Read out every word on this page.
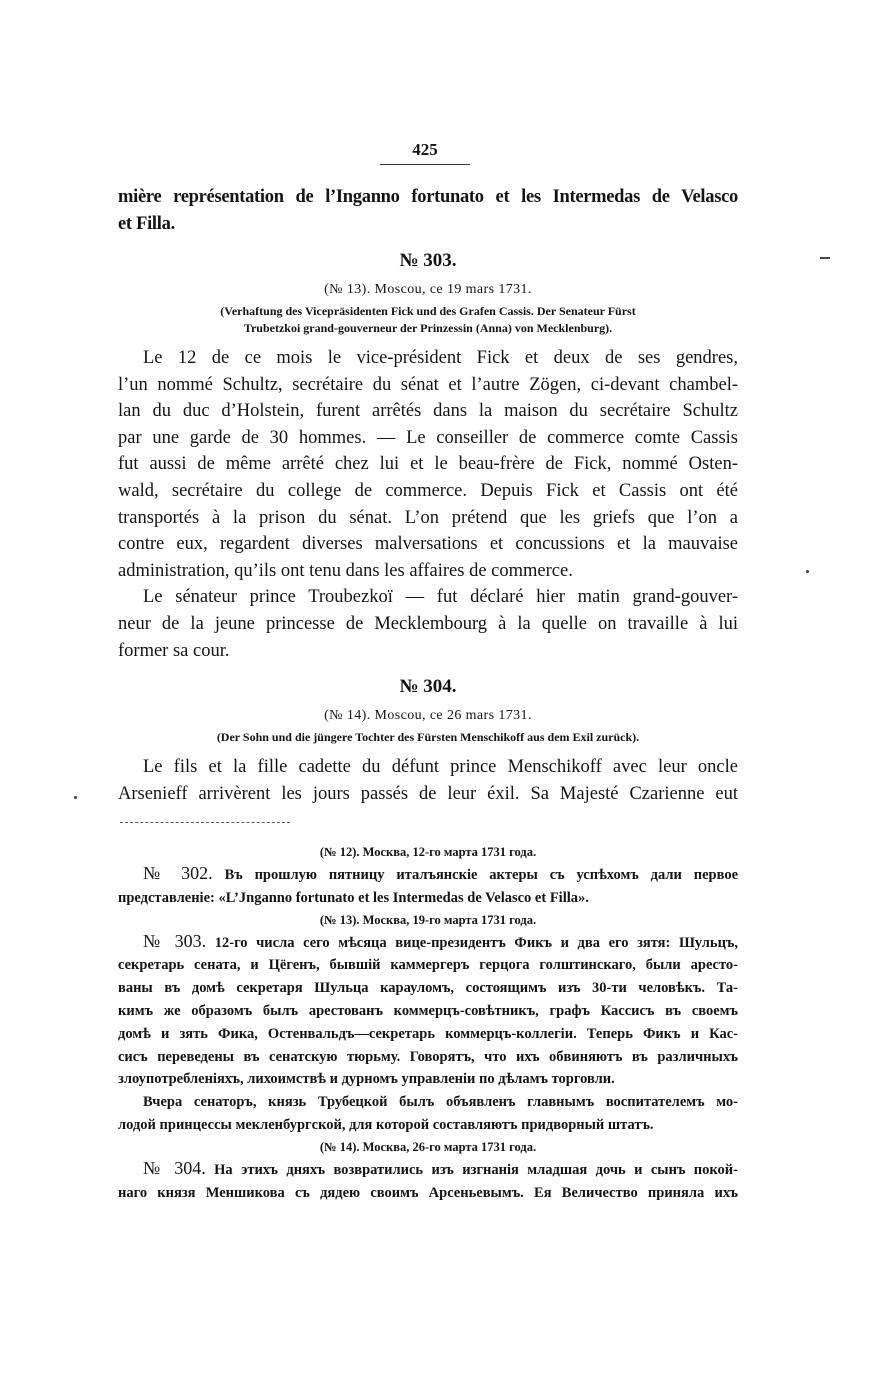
425
mière représentation de l’Inganno fortunato et les Intermedas de Velasco
et Filla.
№ 303.
(№ 13). Moscou, ce 19 mars 1731.
(Verhaftung des Vicepräsidenten Fick und des Grafen Cassis. Der Senateur Fürst
Trubetzkoi grand-gouverneur der Prinzessin (Anna) von Mecklenburg).
Le 12 de ce mois le vice-président Fick et deux de ses gendres,
l’un nommé Schultz, secrétaire du sénat et l’autre Zögen, ci-devant chambel-
lan du duc d’Holstein, furent arrêtés dans la maison du secrétaire Schultz
par une garde de 30 hommes. — Le conseiller de commerce comte Cassis
fut aussi de même arrêté chez lui et le beau-frère de Fick, nommé Osten-
wald, secrétaire du college de commerce. Depuis Fick et Cassis ont été
transportés à la prison du sénat. L’on prétend que les griefs que l’on a
contre eux, regardent diverses malversations et concussions et la mauvaise
administration, qu’ils ont tenu dans les affaires de commerce.
Le sénateur prince Troubezkoï — fut déclaré hier matin grand-gouver-
neur de la jeune princesse de Mecklembourg à la quelle on travaille à lui
former sa cour.
№ 304.
(№ 14). Moscou, ce 26 mars 1731.
(Der Sohn und die jüngere Tochter des Fürsten Menschikoff aus dem Exil zurück).
Le fils et la fille cadette du défunt prince Menschikoff avec leur oncle
Arsenieff arrivèrent les jours passés de leur éxil. Sa Majesté Czarienne eut
(№ 12). Москва, 12-го марта 1731 года.
№ 302. Въ прошлую пятницу италъянскіе актеры съ успѣхомъ дали первое
представленіе: «L’Jnganno fortunato et les Intermedas de Velasco et Filla».
(№ 13). Москва, 19-го марта 1731 года.
№ 303. 12-го числа сего мѣсяца вице-президентъ Фикъ и два его зятя: Шульцъ,
секретарь сената, и Цёгенъ, бывшій каммергеръ герцога голштинскаго, были аресто-
ваны въ домѣ секретаря Шульца карауломъ, состоящимъ изъ 30-ти человѣкъ. Та-
кимъ же образомъ былъ арестованъ коммерцъ-совѣтникъ, графъ Кассисъ въ своемъ
домѣ и зять Фика, Остенвальдъ—секретарь коммерцъ-коллегіи. Теперь Фикъ и Кас-
сисъ переведены въ сенатскую тюрьму. Говорятъ, что ихъ обвиняютъ въ различныхъ
злоупотребленіяхъ, лихоимствѣ и дурномъ управленіи по дѣламъ торговли.
Вчера сенаторъ, князь Трубецкой былъ объявленъ главнымъ воспитателемъ мо-
лодой принцессы мекленбургской, для которой составляютъ придворный штатъ.
(№ 14). Москва, 26-го марта 1731 года.
№ 304. На этихъ дняхъ возвратились изъ изгнанія младшая дочь и сынъ покой-
наго князя Меншикова съ дядею своимъ Арсеньевымъ. Ея Величество приняла ихъ
